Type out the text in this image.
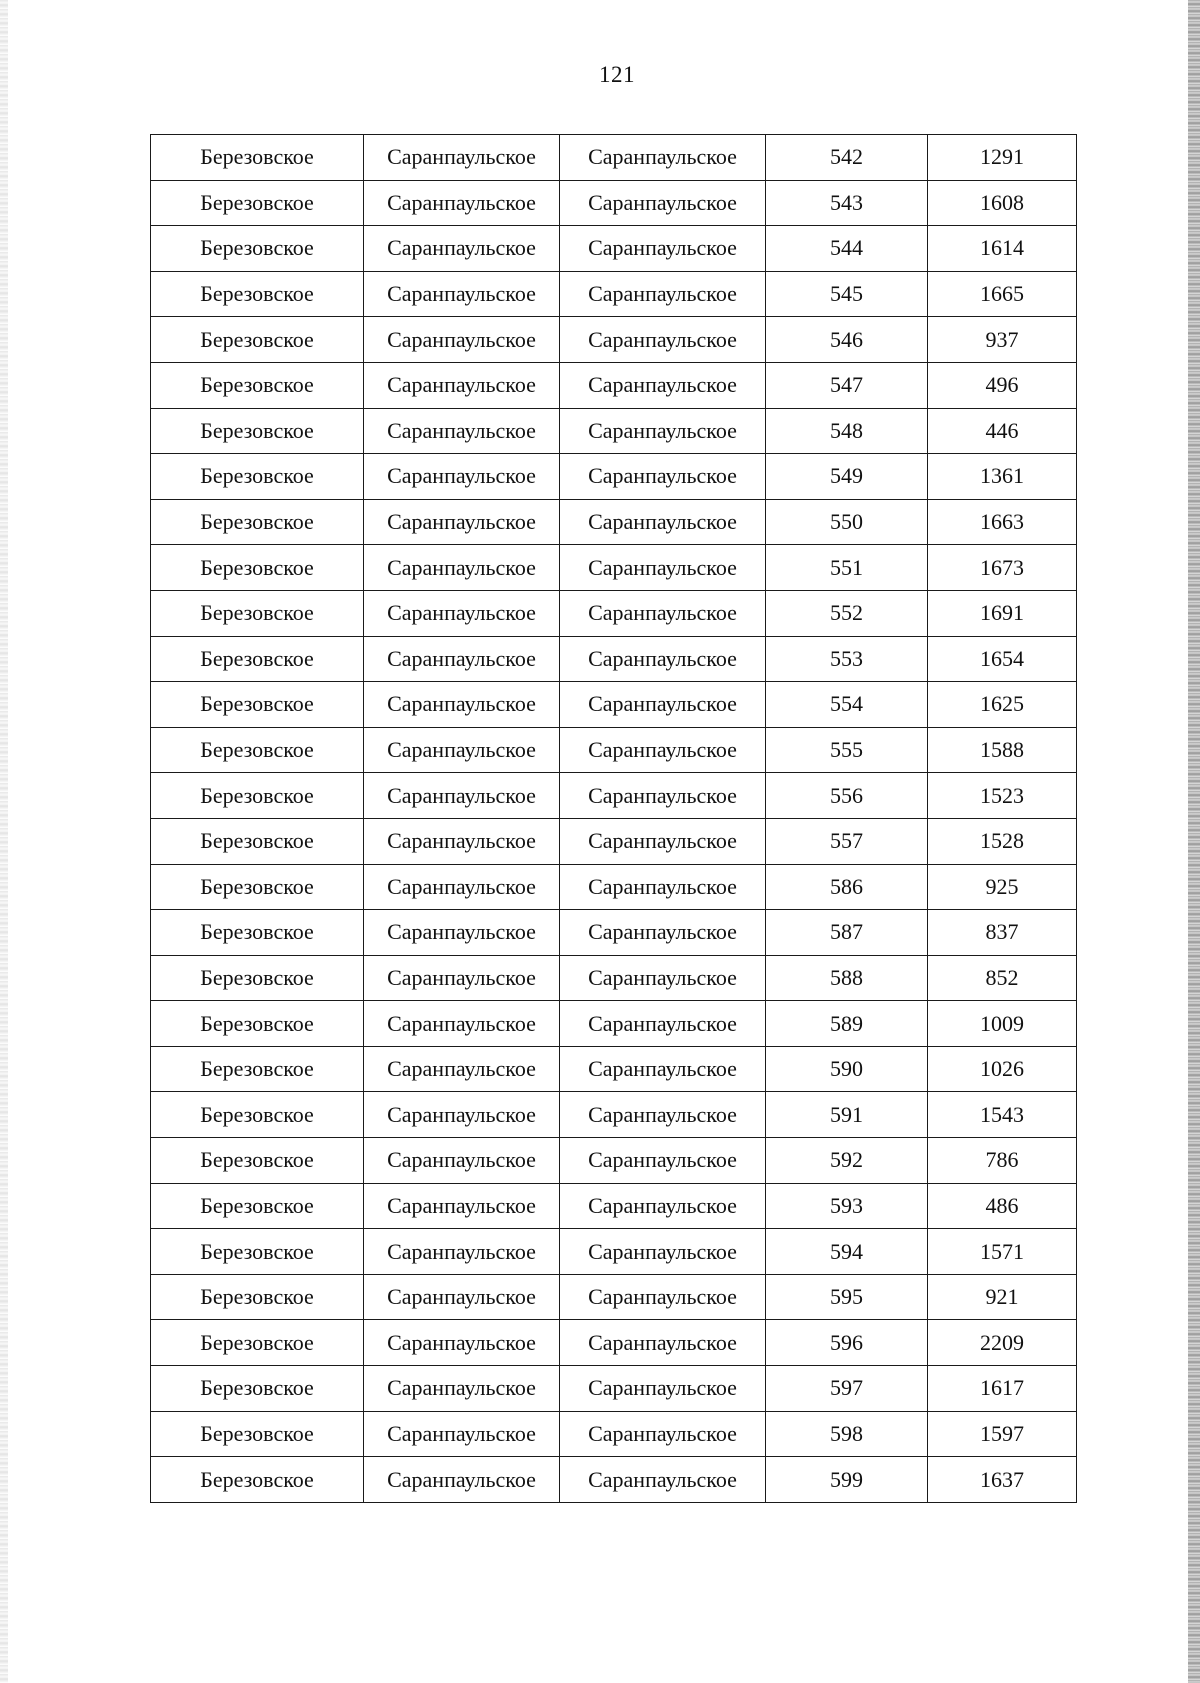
121
Березовское	Саранпаульское	Саранпаульское	542	1291
Березовское	Саранпаульское	Саранпаульское	543	1608
Березовское	Саранпаульское	Саранпаульское	544	1614
Березовское	Саранпаульское	Саранпаульское	545	1665
Березовское	Саранпаульское	Саранпаульское	546	937
Березовское	Саранпаульское	Саранпаульское	547	496
Березовское	Саранпаульское	Саранпаульское	548	446
Березовское	Саранпаульское	Саранпаульское	549	1361
Березовское	Саранпаульское	Саранпаульское	550	1663
Березовское	Саранпаульское	Саранпаульское	551	1673
Березовское	Саранпаульское	Саранпаульское	552	1691
Березовское	Саранпаульское	Саранпаульское	553	1654
Березовское	Саранпаульское	Саранпаульское	554	1625
Березовское	Саранпаульское	Саранпаульское	555	1588
Березовское	Саранпаульское	Саранпаульское	556	1523
Березовское	Саранпаульское	Саранпаульское	557	1528
Березовское	Саранпаульское	Саранпаульское	586	925
Березовское	Саранпаульское	Саранпаульское	587	837
Березовское	Саранпаульское	Саранпаульское	588	852
Березовское	Саранпаульское	Саранпаульское	589	1009
Березовское	Саранпаульское	Саранпаульское	590	1026
Березовское	Саранпаульское	Саранпаульское	591	1543
Березовское	Саранпаульское	Саранпаульское	592	786
Березовское	Саранпаульское	Саранпаульское	593	486
Березовское	Саранпаульское	Саранпаульское	594	1571
Березовское	Саранпаульское	Саранпаульское	595	921
Березовское	Саранпаульское	Саранпаульское	596	2209
Березовское	Саранпаульское	Саранпаульское	597	1617
Березовское	Саранпаульское	Саранпаульское	598	1597
Березовское	Саранпаульское	Саранпаульское	599	1637
